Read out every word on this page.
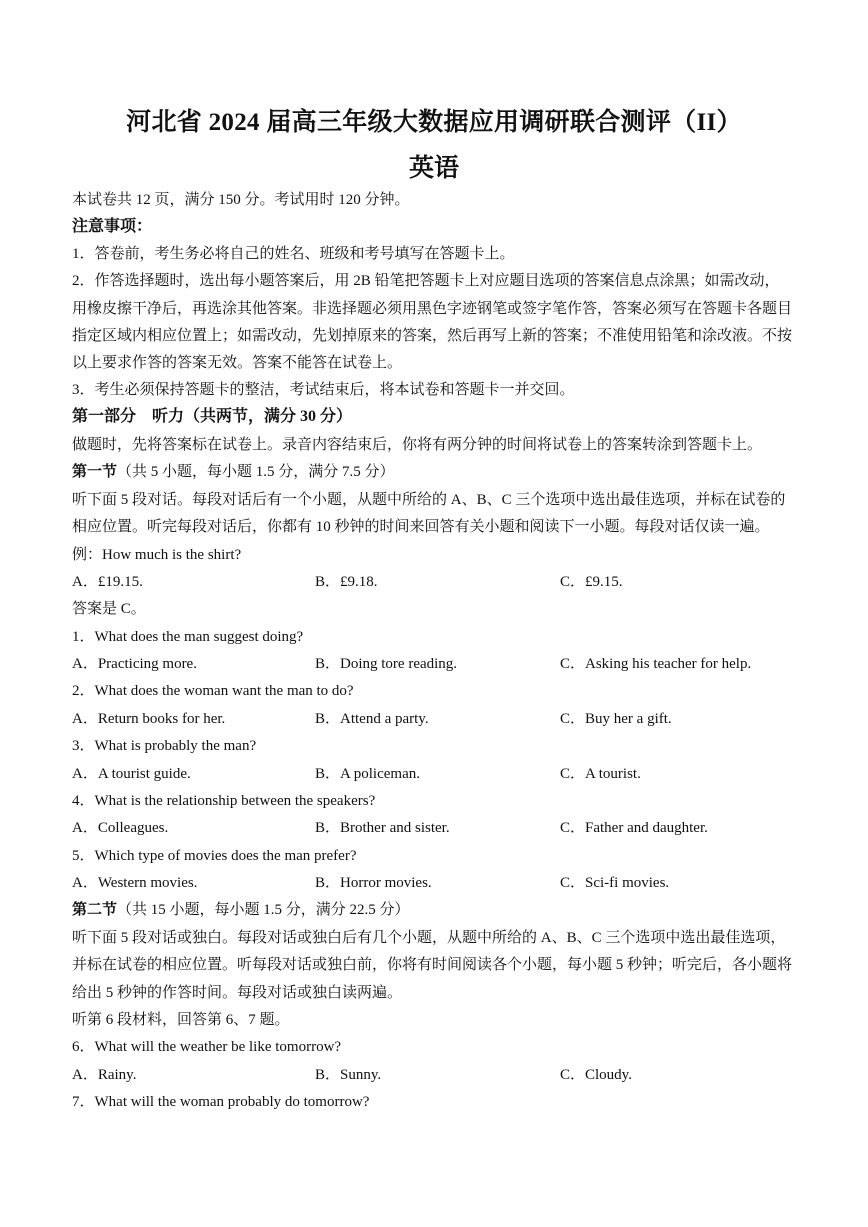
河北省 2024 届高三年级大数据应用调研联合测评（II）
英语
本试卷共 12 页，满分 150 分。考试用时 120 分钟。
注意事项：
1．答卷前，考生务必将自己的姓名、班级和考号填写在答题卡上。
2．作答选择题时，选出每小题答案后，用 2B 铅笔把答题卡上对应题目选项的答案信息点涂黑；如需改动，
用橡皮擦干净后，再选涂其他答案。非选择题必须用黑色字迹钢笔或签字笔作答，答案必须写在答题卡各题目
指定区域内相应位置上；如需改动，先划掉原来的答案，然后再写上新的答案；不准使用铅笔和涂改液。不按
以上要求作答的答案无效。答案不能答在试卷上。
3．考生必须保持答题卡的整洁，考试结束后，将本试卷和答题卡一并交回。
第一部分　听力（共两节，满分 30 分）
做题时，先将答案标在试卷上。录音内容结束后，你将有两分钟的时间将试卷上的答案转涂到答题卡上。
第一节（共 5 小题，每小题 1.5 分，满分 7.5 分）
听下面 5 段对话。每段对话后有一个小题，从题中所给的 A、B、C 三个选项中选出最佳选项，并标在试卷的
相应位置。听完每段对话后，你都有 10 秒钟的时间来回答有关小题和阅读下一小题。每段对话仅读一遍。
例：How much is the shirt?
A．£19.15.	B．£9.18.	C．£9.15.
答案是 C。
1．What does the man suggest doing?
A．Practicing more.	B．Doing tore reading.	C．Asking his teacher for help.
2．What does the woman want the man to do?
A．Return books for her.	B．Attend a party.	C．Buy her a gift.
3．What is probably the man?
A．A tourist guide.	B．A policeman.	C．A tourist.
4．What is the relationship between the speakers?
A．Colleagues.	B．Brother and sister.	C．Father and daughter.
5．Which type of movies does the man prefer?
A．Western movies.	B．Horror movies.	C．Sci-fi movies.
第二节（共 15 小题，每小题 1.5 分，满分 22.5 分）
听下面 5 段对话或独白。每段对话或独白后有几个小题，从题中所给的 A、B、C 三个选项中选出最佳选项，
并标在试卷的相应位置。听每段对话或独白前，你将有时间阅读各个小题，每小题 5 秒钟；听完后，各小题将
给出 5 秒钟的作答时间。每段对话或独白读两遍。
听第 6 段材料，回答第 6、7 题。
6．What will the weather be like tomorrow?
A．Rainy.	B．Sunny.	C．Cloudy.
7．What will the woman probably do tomorrow?
